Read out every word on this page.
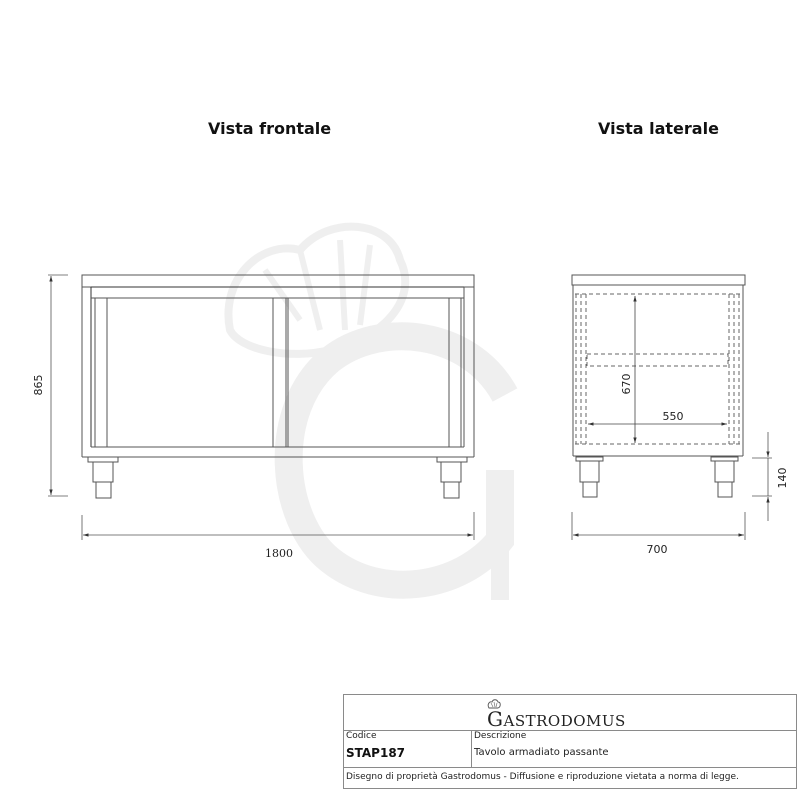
865
1800
670
550
140
700
Vista frontale	Vista laterale
GASTRODOMUS
Codice
STAP187
Descrizione
Tavolo armadiato passante
Disegno di proprietà Gastrodomus - Diffusione e riproduzione vietata a norma di legge.
